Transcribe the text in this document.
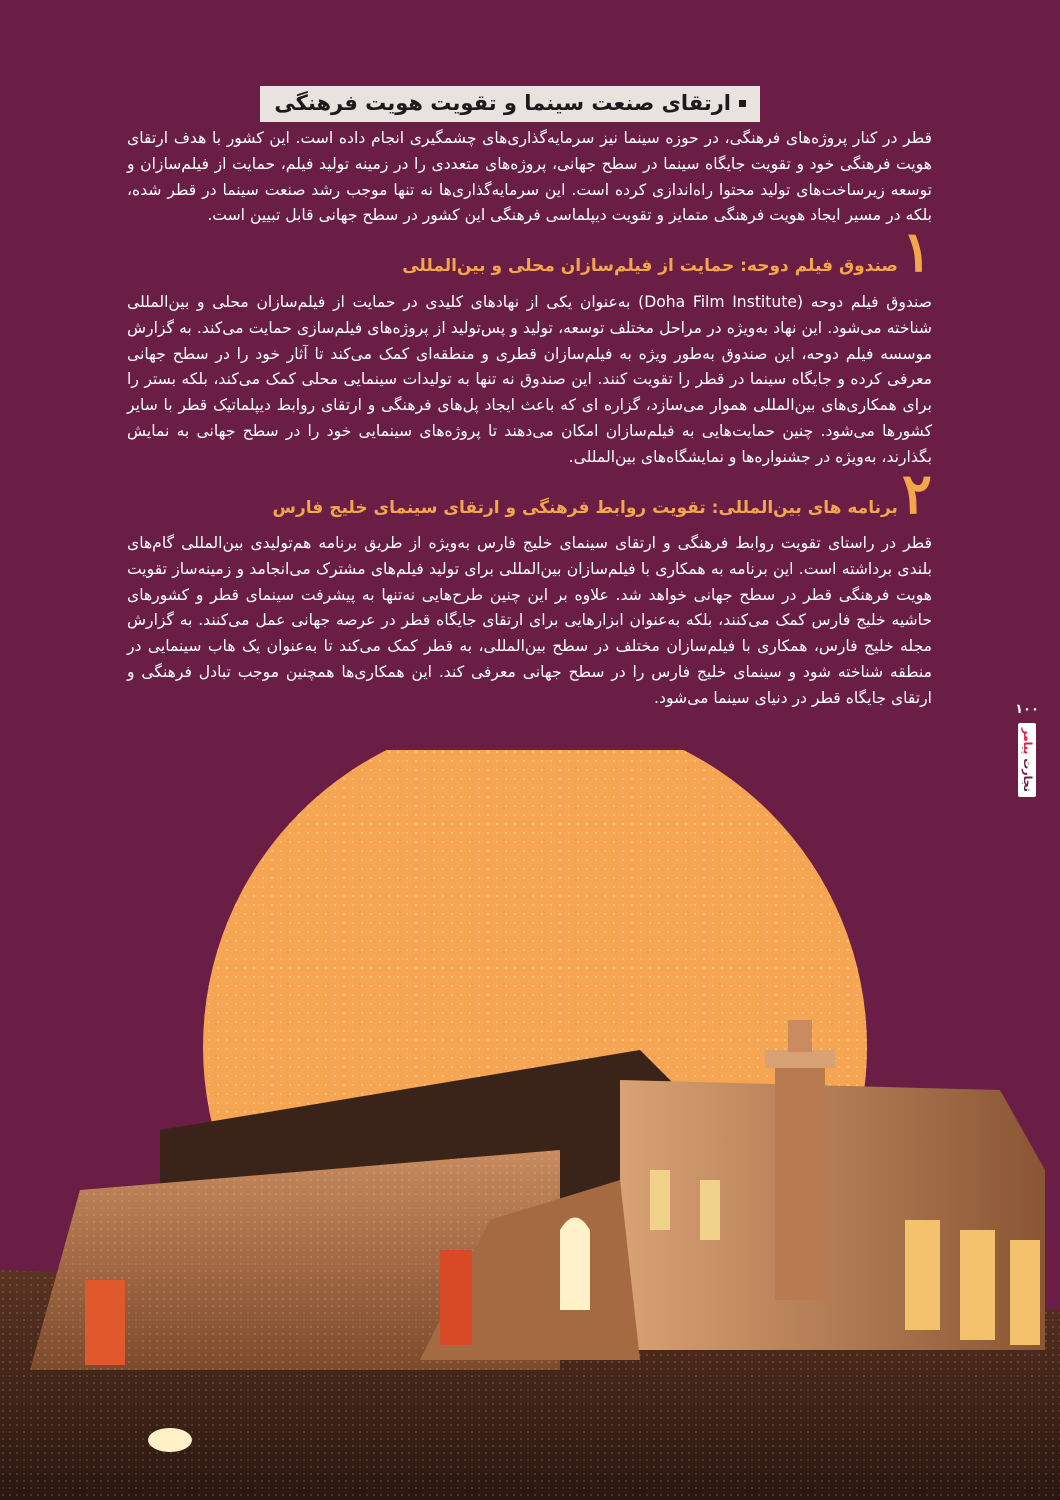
ارتقای صنعت سینما و تقویت هویت فرهنگی

قطر در کنار پروژه‌های فرهنگی، در حوزه سینما نیز سرمایه‌گذاری‌های چشمگیری انجام داده است. این کشور با هدف ارتقای هویت فرهنگی خود و تقویت جایگاه سینما در سطح جهانی، پروژه‌های متعددی را در زمینه تولید فیلم، حمایت از فیلم‌سازان و توسعه زیرساخت‌های تولید محتوا راه‌اندازی کرده است. این سرمایه‌گذاری‌ها نه تنها موجب رشد صنعت سینما در قطر شده، بلکه در مسیر ایجاد هویت فرهنگی متمایز و تقویت دیپلماسی فرهنگی این کشور در سطح جهانی قابل تبیین است.

۱
صندوق فیلم دوحه: حمایت از فیلم‌سازان محلی و بین‌المللی

صندوق فیلم دوحه (Doha Film Institute) به‌عنوان یکی از نهادهای کلیدی در حمایت از فیلم‌سازان محلی و بین‌المللی شناخته می‌شود. این نهاد به‌ویژه در مراحل مختلف توسعه، تولید و پس‌تولید از پروژه‌های فیلم‌سازی حمایت می‌کند. به گزارش موسسه فیلم دوحه، این صندوق به‌طور ویژه به فیلم‌سازان قطری و منطقه‌ای کمک می‌کند تا آثار خود را در سطح جهانی معرفی کرده و جایگاه سینما در قطر را تقویت کنند. این صندوق نه تنها به تولیدات سینمایی محلی کمک می‌کند، بلکه بستر را برای همکاری‌های بین‌المللی هموار می‌سازد، گزاره ای که باعث ایجاد پل‌های فرهنگی و ارتقای روابط دیپلماتیک قطر با سایر کشورها می‌شود. چنین حمایت‌هایی به فیلم‌سازان امکان می‌دهند تا پروژه‌های سینمایی خود را در سطح جهانی به نمایش بگذارند، به‌ویژه در جشنواره‌ها و نمایشگاه‌های بین‌المللی.

۲
برنامه های بین‌المللی: تقویت روابط فرهنگی و ارتقای سینمای خلیج فارس

قطر در راستای تقویت روابط فرهنگی و ارتقای سینمای خلیج فارس به‌ویژه از طریق برنامه هم‌تولیدی بین‌المللی گام‌های بلندی برداشته است. این برنامه به همکاری با فیلم‌سازان بین‌المللی برای تولید فیلم‌های مشترک می‌انجامد و زمینه‌ساز تقویت هویت فرهنگی قطر در سطح جهانی خواهد شد. علاوه بر این چنین طرح‌هایی نه‌تنها به پیشرفت سینمای قطر و کشورهای حاشیه خلیج فارس کمک می‌کنند، بلکه به‌عنوان ابزارهایی برای ارتقای جایگاه قطر در عرصه جهانی عمل می‌کنند. به گزارش مجله خلیج فارس، همکاری با فیلم‌سازان مختلف در سطح بین‌المللی، به قطر کمک می‌کند تا به‌عنوان یک هاب سینمایی در منطقه شناخته شود و سینمای خلیج فارس را در سطح جهانی معرفی کند. این همکاری‌ها همچنین موجب تبادل فرهنگی و ارتقای جایگاه قطر در دنیای سینما می‌شود.

۱۰۰
تجارت پیامر
